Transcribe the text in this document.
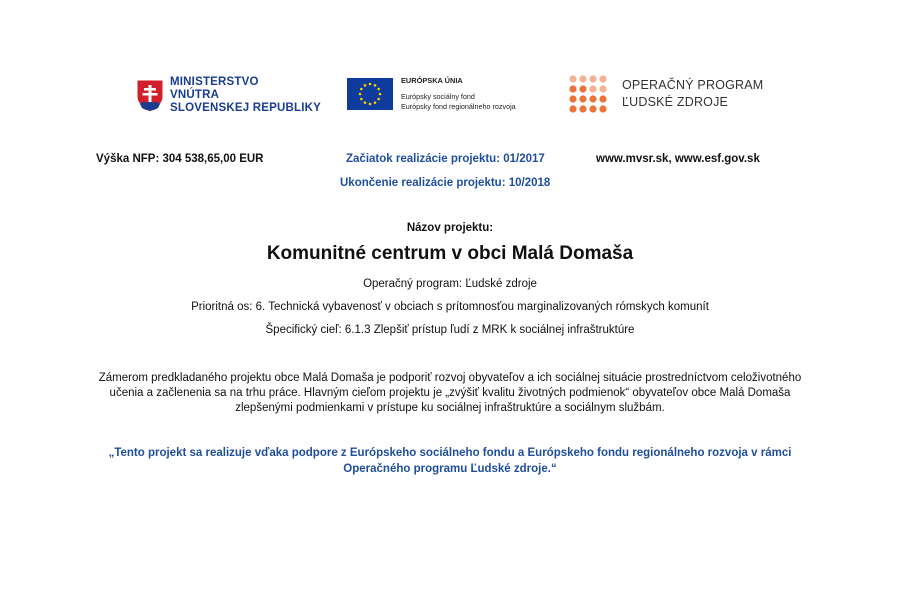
MINISTERSTVO
VNÚTRA
SLOVENSKEJ REPUBLIKY
EURÓPSKA ÚNIA
Európsky sociálny fond
Európsky fond regionálneho rozvoja
OPERAČNÝ PROGRAM
ĽUDSKÉ ZDROJE
Výška NFP: 304 538,65,00 EUR	Začiatok realizácie projektu: 01/2017
Ukončenie realizácie projektu: 10/2018
www.mvsr.sk, www.esf.gov.sk
Názov projektu:
Komunitné centrum v obci Malá Domaša
Operačný program: Ľudské zdroje
Prioritná os: 6. Technická vybavenosť v obciach s prítomnosťou marginalizovaných rómskych komunít
Špecifický cieľ: 6.1.3 Zlepšiť prístup ľudí z MRK k sociálnej infraštruktúre
Zámerom predkladaného projektu obce Malá Domaša je podporiť rozvoj obyvateľov a ich sociálnej situácie prostredníctvom celoživotného učenia a začlenenia sa na trhu práce. Hlavným cieľom projektu je „zvýšiť kvalitu životných podmienok“ obyvateľov obce Malá Domaša zlepšenými podmienkami v prístupe ku sociálnej infraštruktúre a sociálnym službám.
„Tento projekt sa realizuje vďaka podpore z Európskeho sociálneho fondu a Európskeho fondu regionálneho rozvoja v rámci Operačného programu Ľudské zdroje.“
